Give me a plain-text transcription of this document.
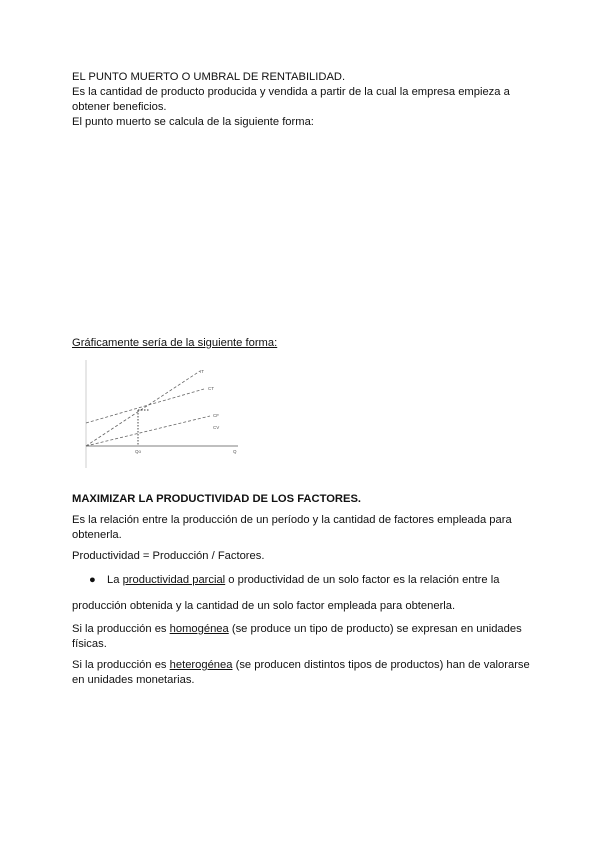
EL PUNTO MUERTO O UMBRAL DE RENTABILIDAD.

Es la cantidad de producto producida y vendida a partir de la cual la empresa empieza a obtener beneficios.

El punto muerto se calcula de la siguiente forma:

Gráficamente sería de la siguiente forma:

IT
CT
CF
CV
Qo	Q
MAXIMIZAR LA PRODUCTIVIDAD DE LOS FACTORES.

Es la relación entre la producción de un período y la cantidad de factores empleada para obtenerla.

Productividad = Producción / Factores.

● La productividad parcial o productividad de un solo factor es la relación entre la

producción obtenida y la cantidad de un solo factor empleada para obtenerla.

Si la producción es homogénea (se produce un tipo de producto) se expresan en unidades físicas.

Si la producción es heterogénea (se producen distintos tipos de productos) han de valorarse en unidades monetarias.
